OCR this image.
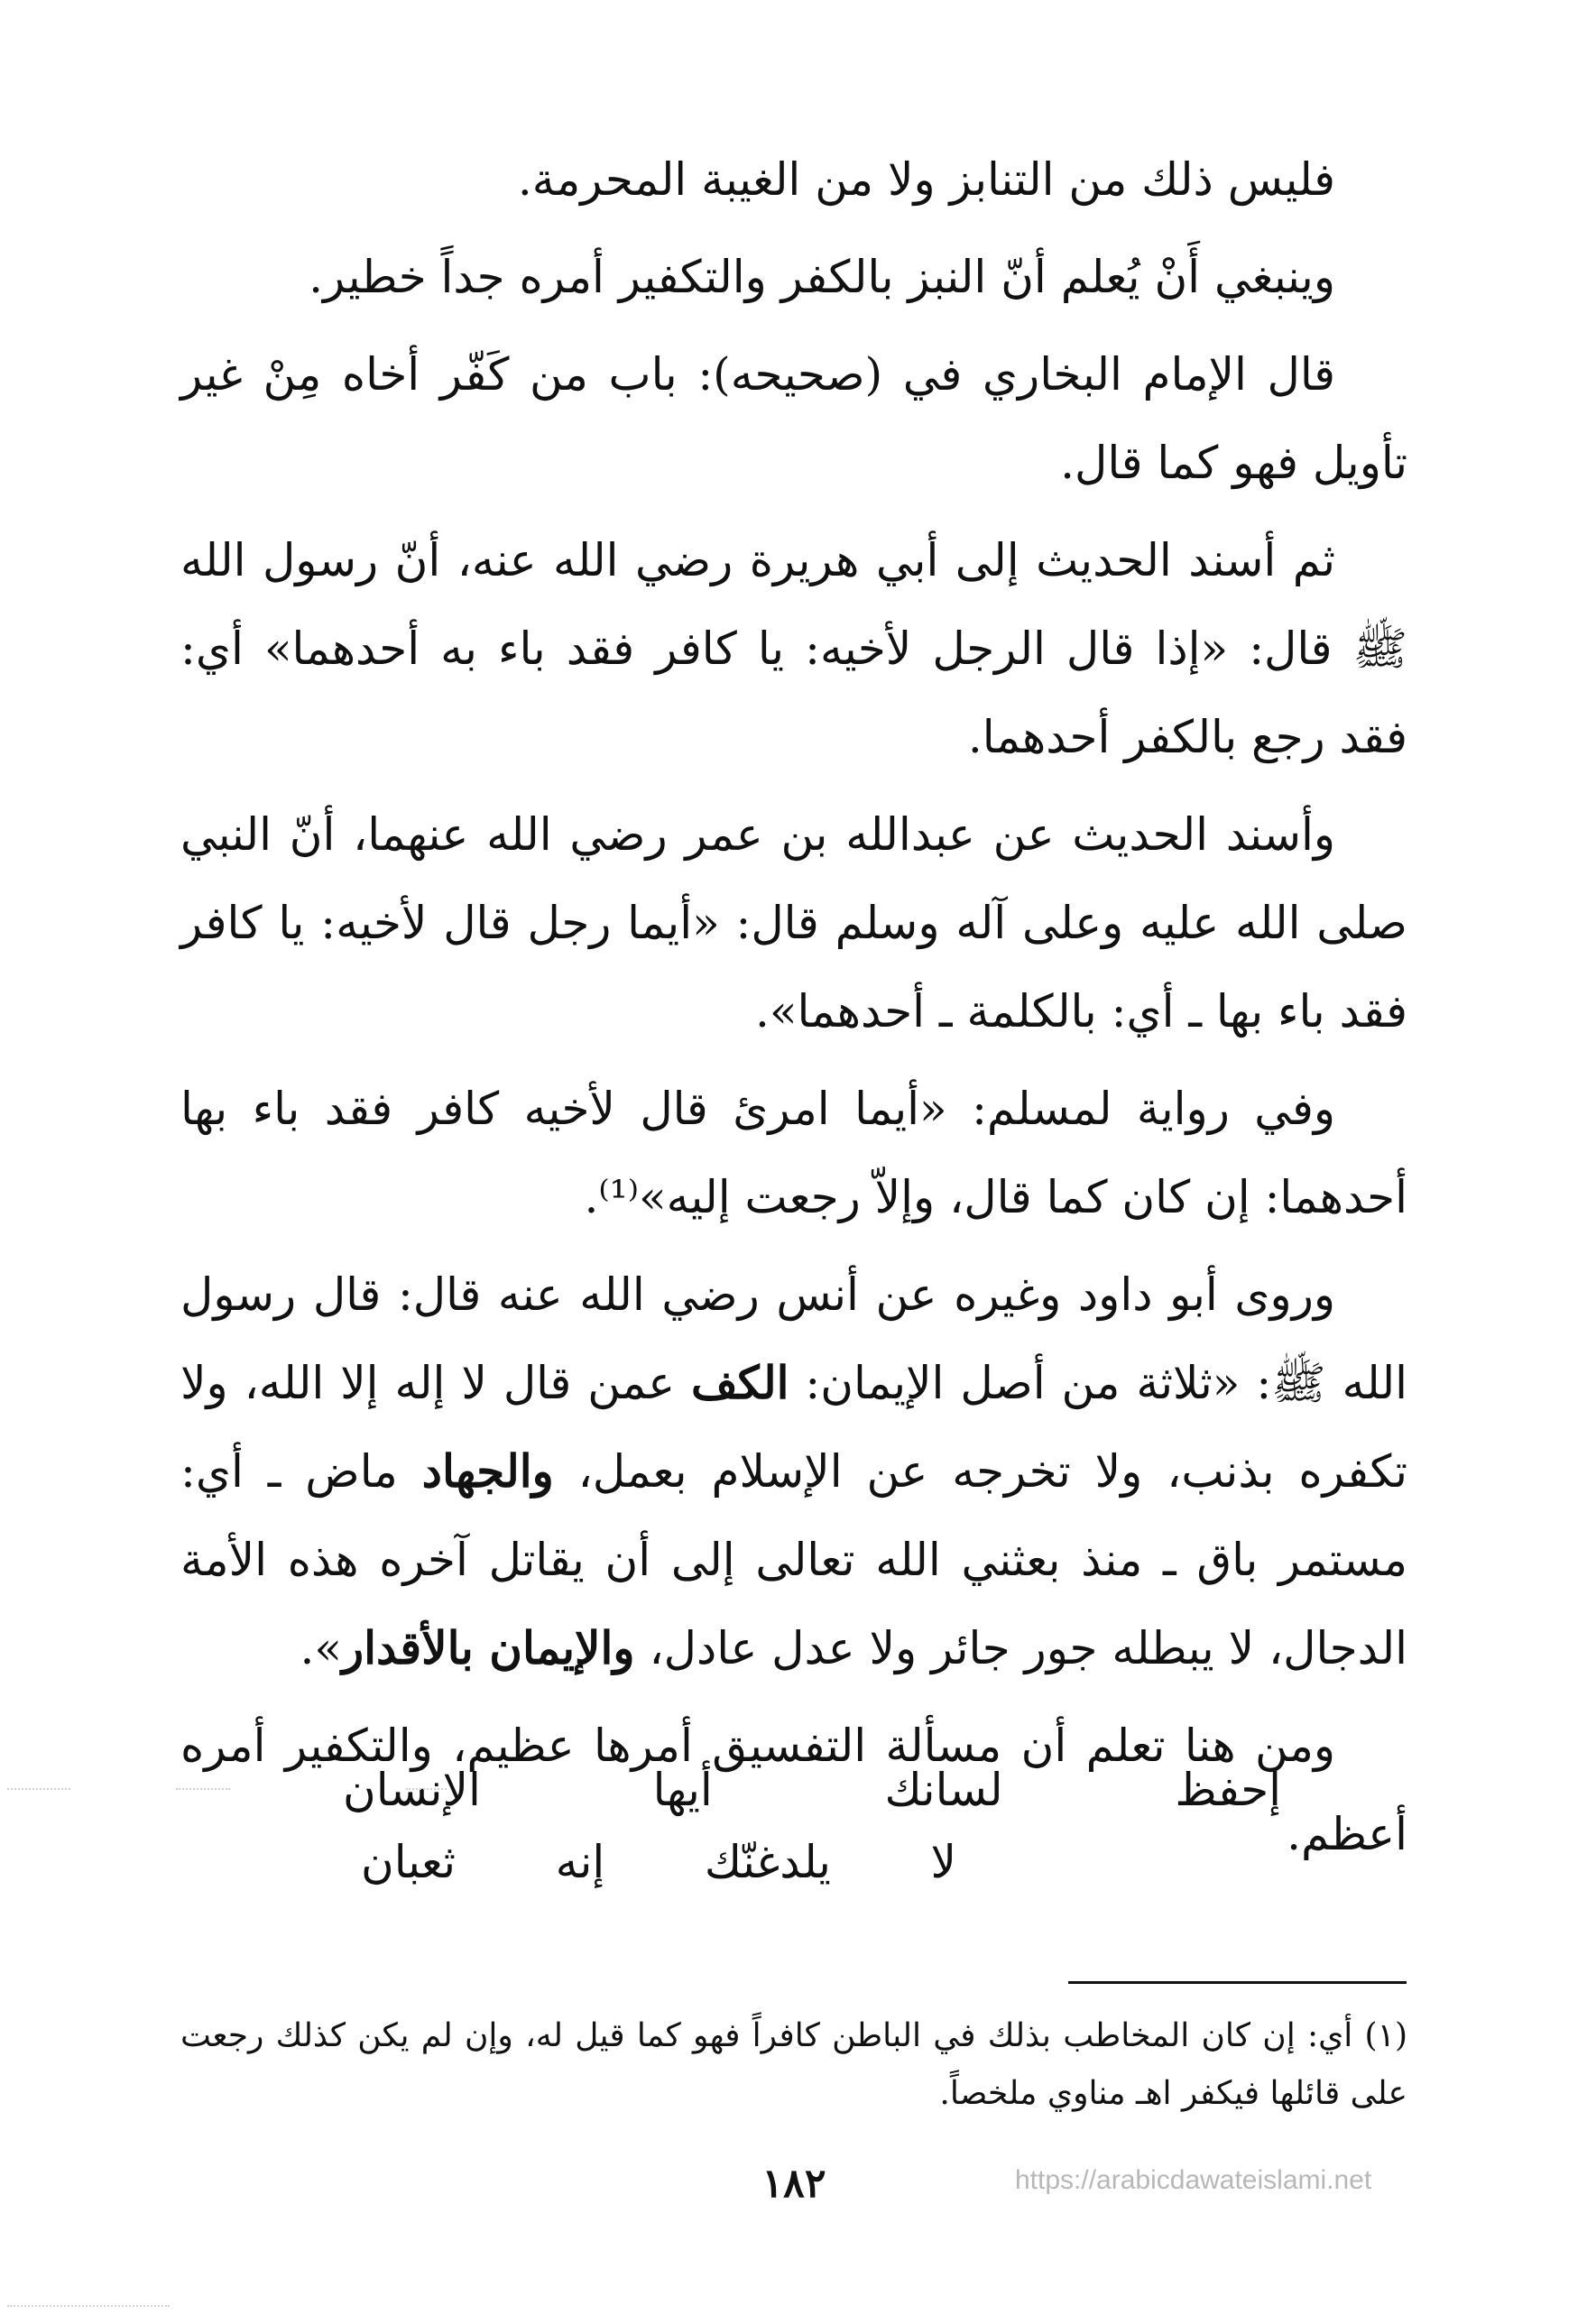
فليس ذلك من التنابز ولا من الغيبة المحرمة.

وينبغي أَنْ يُعلم أنّ النبز بالكفر والتكفير أمره جداً خطير.

قال الإمام البخاري في (صحيحه): باب من كَفّر أخاه مِنْ غير تأويل فهو كما قال.

ثم أسند الحديث إلى أبي هريرة رضي الله عنه، أنّ رسول الله ﷺ قال: «إذا قال الرجل لأخيه: يا كافر فقد باء به أحدهما» أي: فقد رجع بالكفر أحدهما.

وأسند الحديث عن عبدالله بن عمر رضي الله عنهما، أنّ النبي صلى الله عليه وعلى آله وسلم قال: «أيما رجل قال لأخيه: يا كافر فقد باء بها ـ أي: بالكلمة ـ أحدهما».

وفي رواية لمسلم: «أيما امرئ قال لأخيه كافر فقد باء بها أحدهما: إن كان كما قال، وإلاّ رجعت إليه»⁽¹⁾.

وروى أبو داود وغيره عن أنس رضي الله عنه قال: قال رسول الله ﷺ: «ثلاثة من أصل الإيمان: الكف عمن قال لا إله إلا الله، ولا تكفره بذنب، ولا تخرجه عن الإسلام بعمل، والجهاد ماض ـ أي: مستمر باق ـ منذ بعثني الله تعالى إلى أن يقاتل آخره هذه الأمة الدجال، لا يبطله جور جائر ولا عدل عادل، والإيمان بالأقدار».

ومن هنا تعلم أن مسألة التفسيق أمرها عظيم، والتكفير أمره أعظم.

إحفظ لسانك أيها الإنسان
لا يلدغنّك إنه ثعبان

(١) أي: إن كان المخاطب بذلك في الباطن كافراً فهو كما قيل له، وإن لم يكن كذلك رجعت على قائلها فيكفر اهـ مناوي ملخصاً.

١٨٢	https://arabicdawateislami.net
